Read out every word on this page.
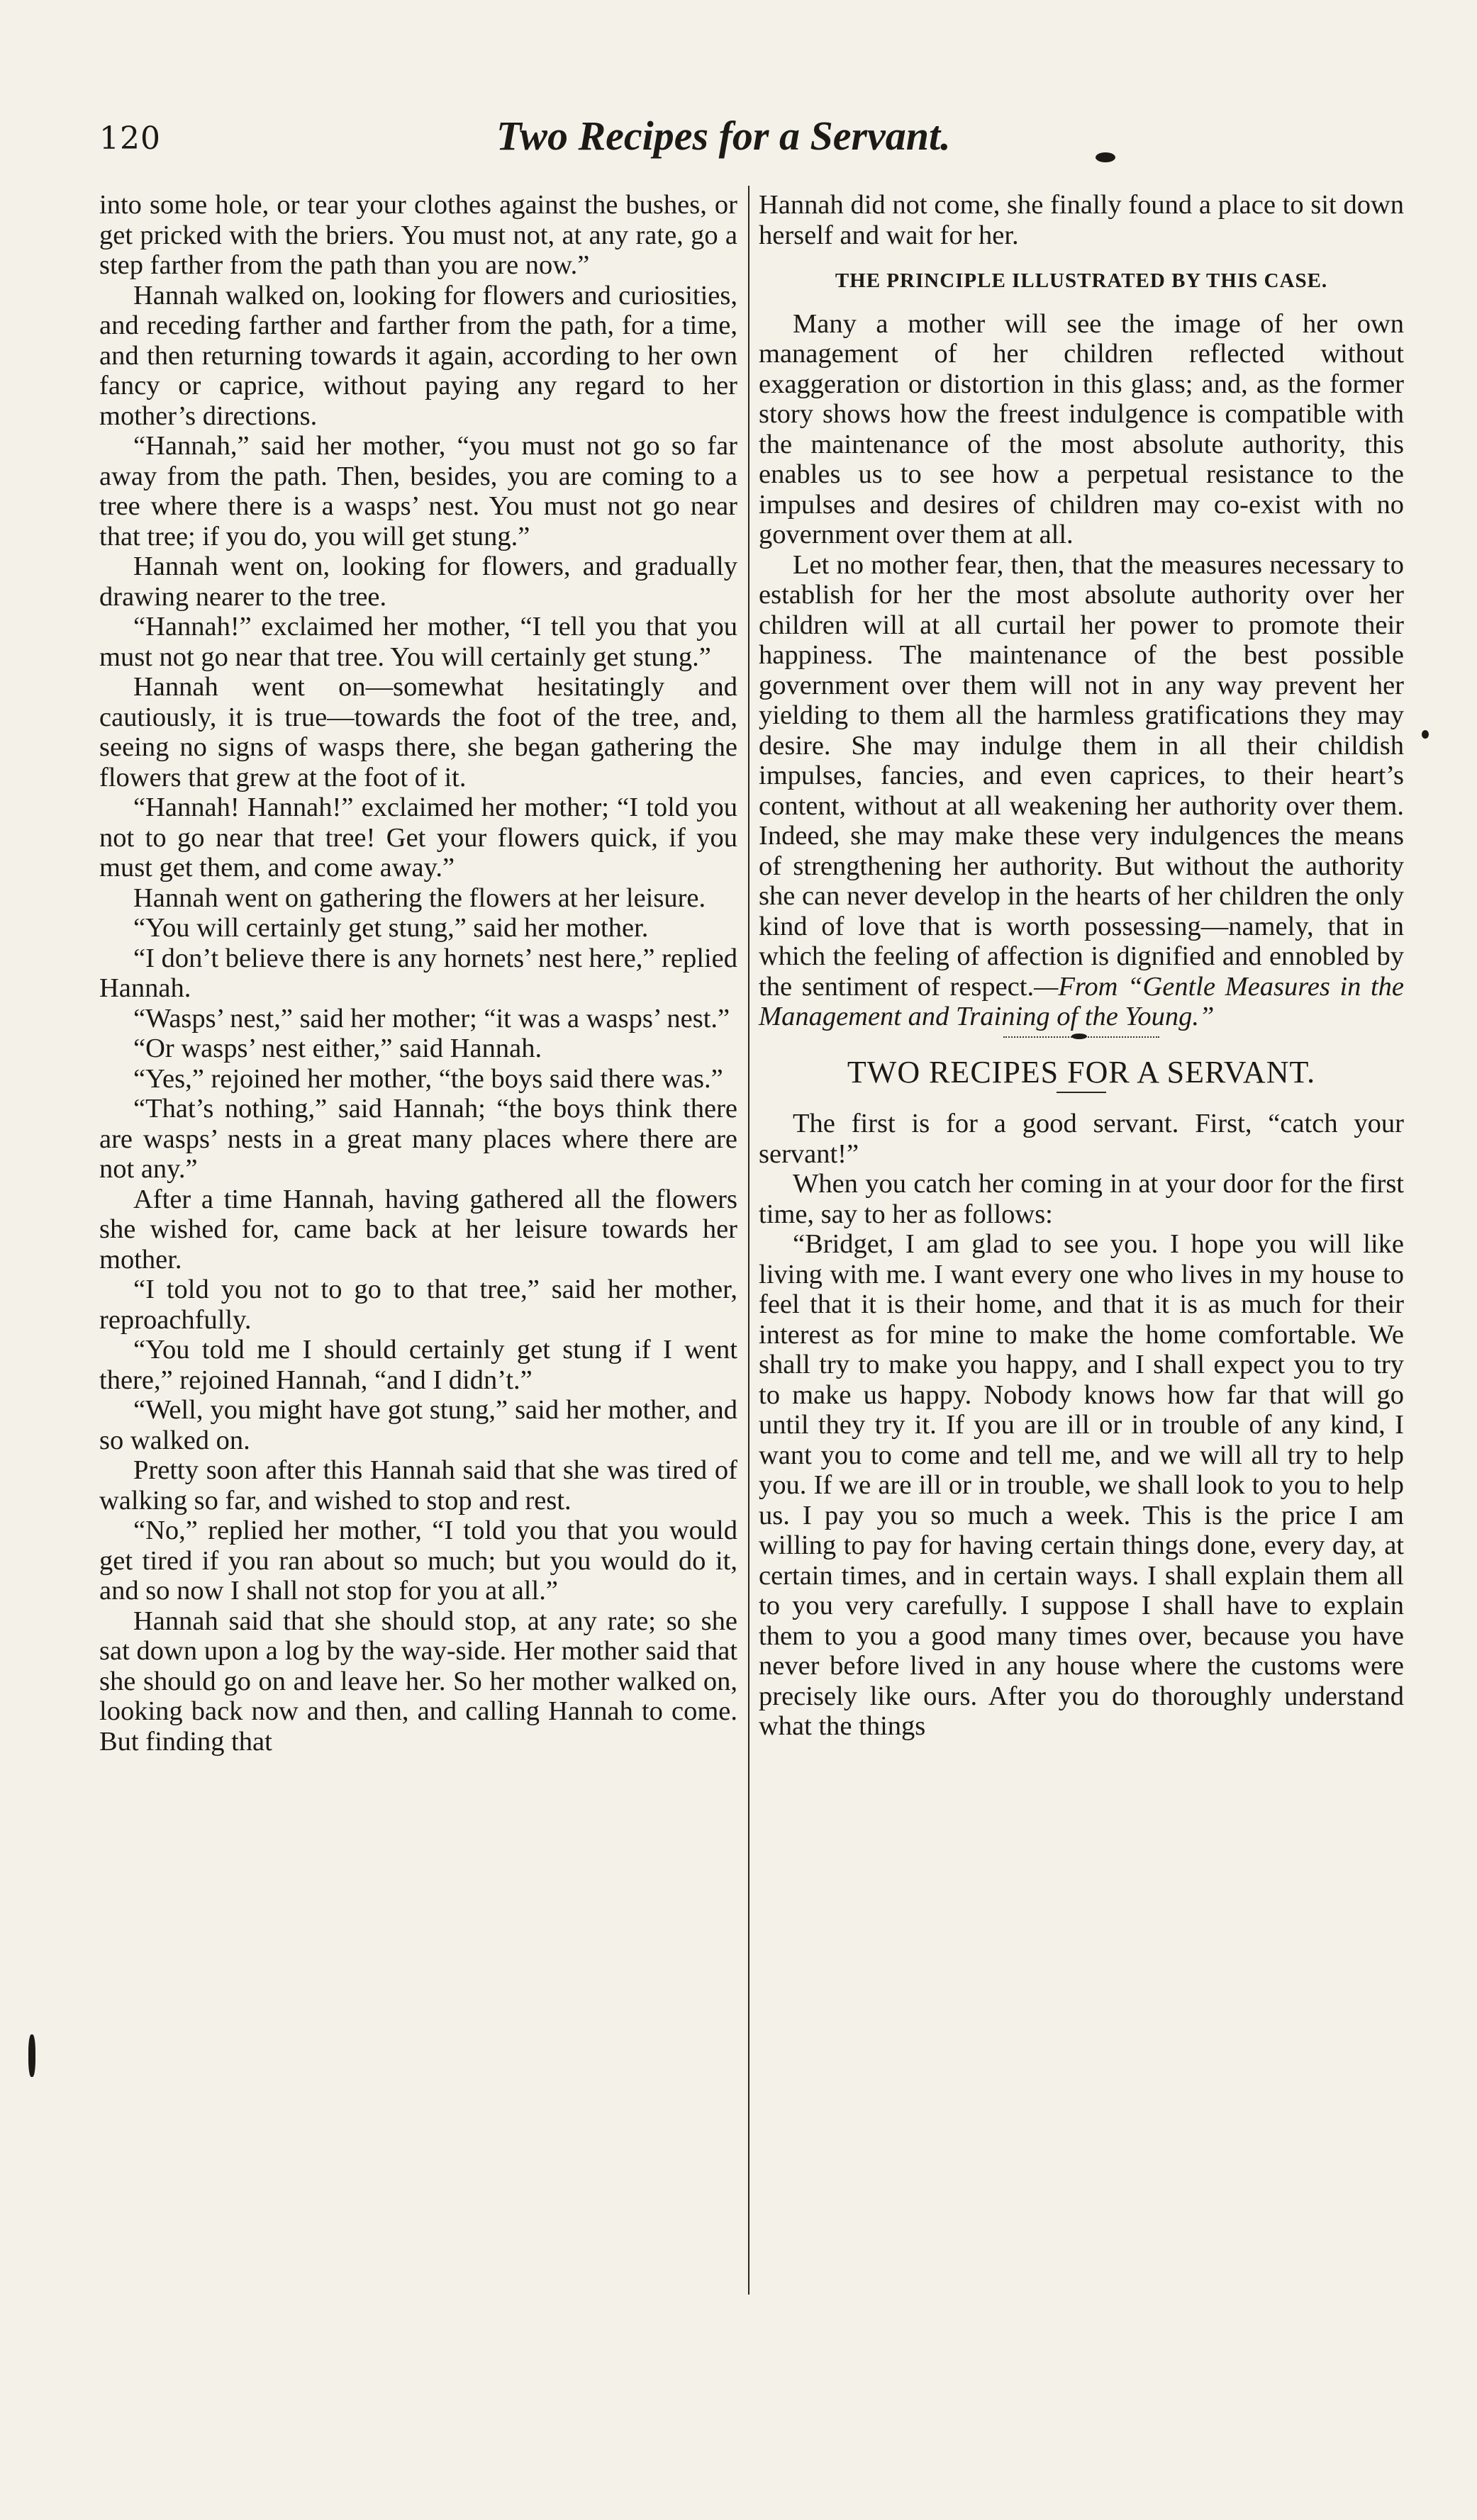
120	Two Recipes for a Servant.

into some hole, or tear your clothes against the bushes, or get pricked with the briers. You must not, at any rate, go a step farther from the path than you are now.”

Hannah walked on, looking for flowers and curiosities, and receding farther and farther from the path, for a time, and then returning towards it again, according to her own fancy or caprice, without paying any regard to her mother’s directions.

“Hannah,” said her mother, “you must not go so far away from the path. Then, besides, you are coming to a tree where there is a wasps’ nest. You must not go near that tree; if you do, you will get stung.”

Hannah went on, looking for flowers, and gradually drawing nearer to the tree.

“Hannah!” exclaimed her mother, “I tell you that you must not go near that tree. You will certainly get stung.”

Hannah went on—somewhat hesitatingly and cautiously, it is true—towards the foot of the tree, and, seeing no signs of wasps there, she began gathering the flowers that grew at the foot of it.

“Hannah! Hannah!” exclaimed her mother; “I told you not to go near that tree! Get your flowers quick, if you must get them, and come away.”

Hannah went on gathering the flowers at her leisure.

“You will certainly get stung,” said her mother.

“I don’t believe there is any hornets’ nest here,” replied Hannah.

“Wasps’ nest,” said her mother; “it was a wasps’ nest.”

“Or wasps’ nest either,” said Hannah.

“Yes,” rejoined her mother, “the boys said there was.”

“That’s nothing,” said Hannah; “the boys think there are wasps’ nests in a great many places where there are not any.”

After a time Hannah, having gathered all the flowers she wished for, came back at her leisure towards her mother.

“I told you not to go to that tree,” said her mother, reproachfully.

“You told me I should certainly get stung if I went there,” rejoined Hannah, “and I didn’t.”

“Well, you might have got stung,” said her mother, and so walked on.

Pretty soon after this Hannah said that she was tired of walking so far, and wished to stop and rest.

“No,” replied her mother, “I told you that you would get tired if you ran about so much; but you would do it, and so now I shall not stop for you at all.”

Hannah said that she should stop, at any rate; so she sat down upon a log by the way-side. Her mother said that she should go on and leave her. So her mother walked on, looking back now and then, and calling Hannah to come. But finding that

Hannah did not come, she finally found a place to sit down herself and wait for her.

THE PRINCIPLE ILLUSTRATED BY THIS CASE.

Many a mother will see the image of her own management of her children reflected without exaggeration or distortion in this glass; and, as the former story shows how the freest indulgence is compatible with the maintenance of the most absolute authority, this enables us to see how a perpetual resistance to the impulses and desires of children may co-exist with no government over them at all.

Let no mother fear, then, that the measures necessary to establish for her the most absolute authority over her children will at all curtail her power to promote their happiness. The maintenance of the best possible government over them will not in any way prevent her yielding to them all the harmless gratifications they may desire. She may indulge them in all their childish impulses, fancies, and even caprices, to their heart’s content, without at all weakening her authority over them. Indeed, she may make these very indulgences the means of strengthening her authority. But without the authority she can never develop in the hearts of her children the only kind of love that is worth possessing—namely, that in which the feeling of affection is dignified and ennobled by the sentiment of respect.—From “Gentle Measures in the Management and Training of the Young.”

TWO RECIPES FOR A SERVANT.

The first is for a good servant. First, “catch your servant!”

When you catch her coming in at your door for the first time, say to her as follows:

“Bridget, I am glad to see you. I hope you will like living with me. I want every one who lives in my house to feel that it is their home, and that it is as much for their interest as for mine to make the home comfortable. We shall try to make you happy, and I shall expect you to try to make us happy. Nobody knows how far that will go until they try it. If you are ill or in trouble of any kind, I want you to come and tell me, and we will all try to help you. If we are ill or in trouble, we shall look to you to help us. I pay you so much a week. This is the price I am willing to pay for having certain things done, every day, at certain times, and in certain ways. I shall explain them all to you very carefully. I suppose I shall have to explain them to you a good many times over, because you have never before lived in any house where the customs were precisely like ours. After you do thoroughly understand what the things
